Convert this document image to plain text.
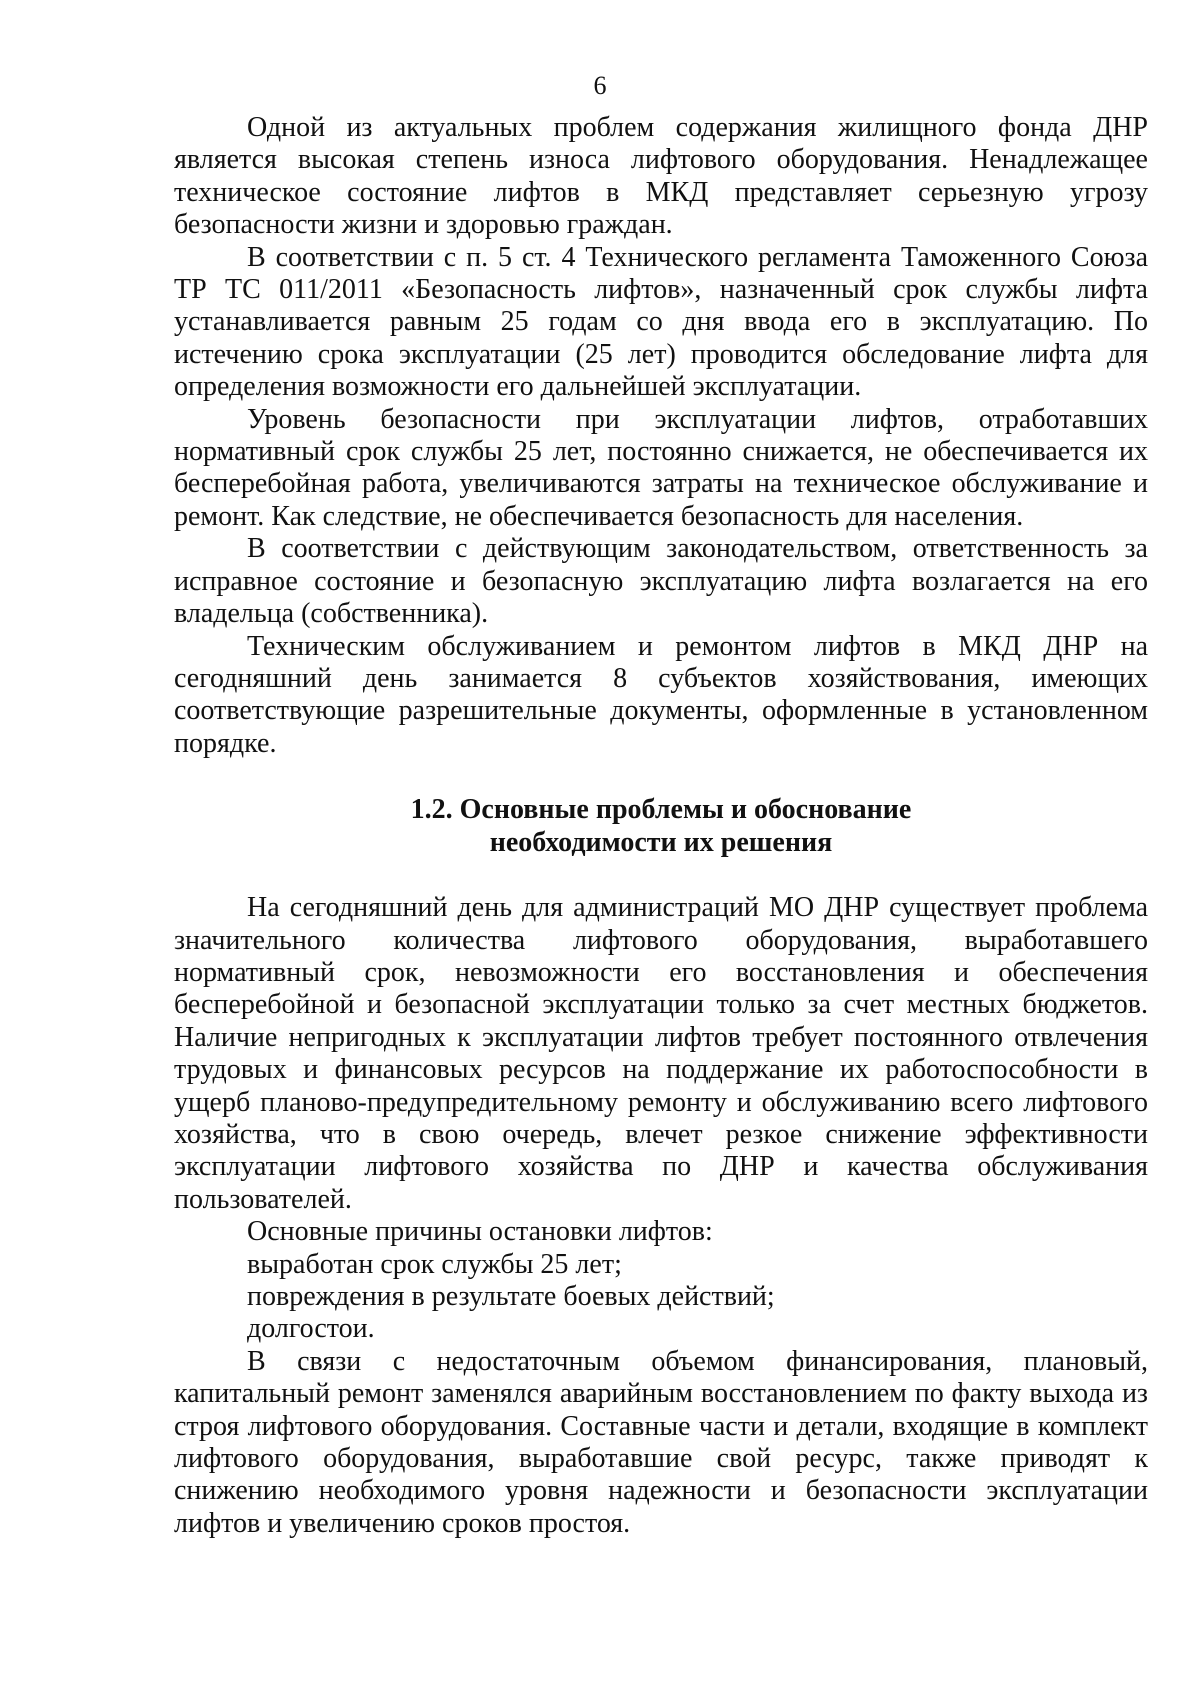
6

Одной из актуальных проблем содержания жилищного фонда ДНР является высокая степень износа лифтового оборудования. Ненадлежащее техническое состояние лифтов в МКД представляет серьезную угрозу безопасности жизни и здоровью граждан.

В соответствии с п. 5 ст. 4 Технического регламента Таможенного Союза ТР ТС 011/2011 «Безопасность лифтов», назначенный срок службы лифта устанавливается равным 25 годам со дня ввода его в эксплуатацию. По истечению срока эксплуатации (25 лет) проводится обследование лифта для определения возможности его дальнейшей эксплуатации.

Уровень безопасности при эксплуатации лифтов, отработавших нормативный срок службы 25 лет, постоянно снижается, не обеспечивается их бесперебойная работа, увеличиваются затраты на техническое обслуживание и ремонт. Как следствие, не обеспечивается безопасность для населения.

В соответствии с действующим законодательством, ответственность за исправное состояние и безопасную эксплуатацию лифта возлагается на его владельца (собственника).

Техническим обслуживанием и ремонтом лифтов в МКД ДНР на сегодняшний день занимается 8 субъектов хозяйствования, имеющих соответствующие разрешительные документы, оформленные в установленном порядке.

1.2. Основные проблемы и обоснование
необходимости их решения

На сегодняшний день для администраций МО ДНР существует проблема значительного количества лифтового оборудования, выработавшего нормативный срок, невозможности его восстановления и обеспечения бесперебойной и безопасной эксплуатации только за счет местных бюджетов. Наличие непригодных к эксплуатации лифтов требует постоянного отвлечения трудовых и финансовых ресурсов на поддержание их работоспособности в ущерб планово-предупредительному ремонту и обслуживанию всего лифтового хозяйства, что в свою очередь, влечет резкое снижение эффективности эксплуатации лифтового хозяйства по ДНР и качества обслуживания пользователей.

Основные причины остановки лифтов:

выработан срок службы 25 лет;

повреждения в результате боевых действий;

долгостои.

В связи с недостаточным объемом финансирования, плановый, капитальный ремонт заменялся аварийным восстановлением по факту выхода из строя лифтового оборудования. Составные части и детали, входящие в комплект лифтового оборудования, выработавшие свой ресурс, также приводят к снижению необходимого уровня надежности и безопасности эксплуатации лифтов и увеличению сроков простоя.
